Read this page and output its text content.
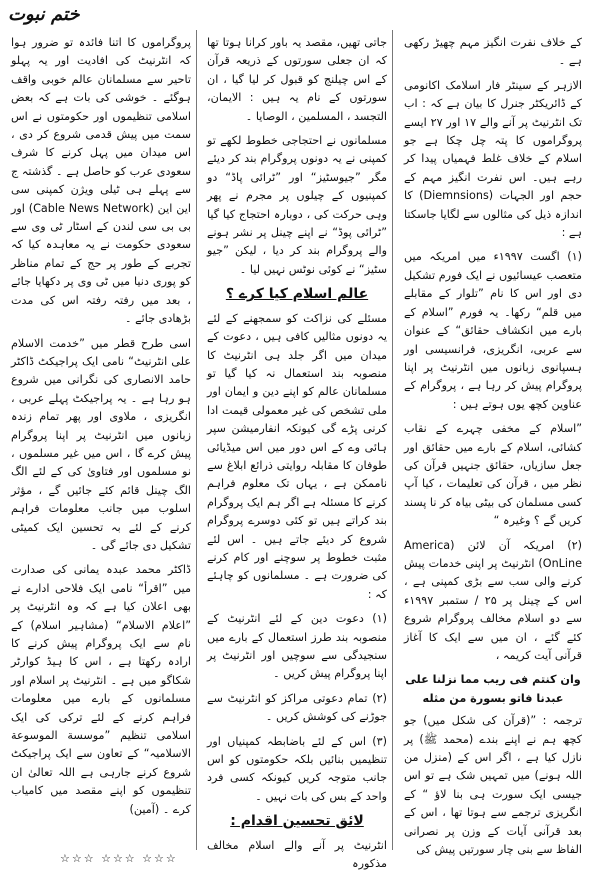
ختم نبوت

کے خلاف نفرت انگیز مہم چھیڑ رکھی ہے ۔

الازہر کے سینٹر فار اسلامک اکانومی کے ڈائریکٹر جنرل کا بیان ہے کہ : اب تک انٹرنیٹ پر آنے والے ۱۷ اور ۲۷ ایسے پروگراموں کا پتہ چل چکا ہے جو اسلام کے خلاف غلط فہمیاں پیدا کر رہے ہیں۔ اس نفرت انگیز مہم کے حجم اور الجہات (Diemnsions) کا اندازہ ذیل کی مثالوں سے لگایا جاسکتا ہے :

(۱) اگست ۱۹۹۷ء میں امریکہ میں متعصب عیسائیوں نے ایک فورم تشکیل دی اور اس کا نام ”تلوار کے مقابلے میں قلم“ رکھا۔ یہ فورم ”اسلام کے بارے میں انکشاف حقائق“ کے عنوان سے عربی، انگریزی، فرانسیسی اور ہسپانوی زبانوں میں انٹرنیٹ پر اپنا پروگرام پیش کر رہا ہے ، پروگرام کے عناوین کچھ یوں ہوتے ہیں :

”اسلام کے مخفی چہرے کے نقاب کشائی، اسلام کے بارے میں حقائق اور جعل سازیاں، حقائق جنہیں قرآن کی نظر میں ، قرآن کی تعلیمات ، کیا آپ کسی مسلمان کی بیٹی بیاہ کر نا پسند کریں گے ؟ وغیرہ “

(۲) امریکہ آن لائن (America OnLine) انٹرنیٹ پر اپنی خدمات پیش کرنے والی سب سے بڑی کمپنی ہے ، اس کے چینل پر ۲۵ / ستمبر ۱۹۹۷ء سے دو اسلام مخالف پروگرام شروع کئے گئے ، ان میں سے ایک کا آغاز قرآنی آیت کریمہ ،

وان کنتم فی ریب مما نزلنا علی عبدنا فاتو بسورة من مثله

ترجمہ : ”(قرآن کی شکل میں) جو کچھ ہم نے اپنے بندے (محمد ﷺ) پر نازل کیا ہے ، اگر اس کے (منزل من اللہ ہونے) میں تمہیں شک ہے تو اس جیسی ایک سورت ہی بنا لاؤ “ کے انگریزی ترجمے سے ہوتا تھا ، اس کے بعد قرآنی آیات کے وزن پر نصرانی الفاظ سے بنی چار سورتیں پیش کی

جاتی تھیں، مقصد یہ باور کرانا ہوتا تھا کہ ان جعلی سورتوں کے ذریعہ قرآن کے اس چیلنج کو قبول کر لیا گیا ، ان سورتوں کے نام یہ ہیں : الایمان، التجسد ، المسلمین ، الوصایا ۔

مسلمانوں نے احتجاجی خطوط لکھے تو کمپنی نے یہ دونوں پروگرام بند کر دیئے مگر ”جیوسٹیز“ اور ”ٹرائی پاڈ“ دو کمپنیوں کے چیلوں پر مجرم نے پھر وہی حرکت کی ، دوبارہ احتجاج کیا گیا ”ٹرائی پوڈ“ نے اپنے چینل پر نشر ہونے والے پروگرام بند کر دیا ، لیکن ”جیو سٹیز“ نے کوئی نوٹس نہیں لیا ۔

عالم اسلام کیا کرے ؟

مسئلے کی نزاکت کو سمجھنے کے لئے یہ دونوں مثالیں کافی ہیں ، دعوت کے میدان میں اگر جلد ہی انٹرنیٹ کا منصوبہ بند استعمال نہ کیا گیا تو مسلمانان عالم کو اپنے دین و ایمان اور ملی تشخص کی غیر معمولی قیمت ادا کرنی پڑے گی کیونکہ انفارمیشن سپر ہائی وے کے اس دور میں اس میڈیائی طوفان کا مقابلہ روایتی ذرائع ابلاغ سے ناممکن ہے ، یہاں تک معلوم فراہم کرنے کا مسئلہ ہے اگر ہم ایک پروگرام بند کراتے ہیں تو کئی دوسرے پروگرام شروع کر دیئے جاتے ہیں ۔ اس لئے مثبت خطوط پر سوچنے اور کام کرنے کی ضرورت ہے ۔ مسلمانوں کو چاہئے کہ :

(۱) دعوت دین کے لئے انٹرنیٹ کے منصوبہ بند طرز استعمال کے بارے میں سنجیدگی سے سوچیں اور انٹرنیٹ پر اپنا پروگرام پیش کریں ۔

(۲) تمام دعوتی مراکز کو انٹرنیٹ سے جوڑنے کی کوشش کریں ۔

(۳) اس کے لئے باضابطہ کمپنیاں اور تنظیمیں بنائیں بلکہ حکومتوں کو اس جانب متوجہ کریں کیونکہ کسی فرد واحد کے بس کی بات نہیں ۔

لائق تحسین اقدام :

انٹرنیٹ پر آنے والے اسلام مخالف مذکورہ

پروگراموں کا اتنا فائدہ تو ضرور ہوا کہ انٹرنیٹ کی افادیت اور یہ پہلو تاحیر سے مسلمانان عالم خوبی واقف ہوگئے ۔ خوشی کی بات ہے کہ بعض اسلامی تنظیموں اور حکومتوں نے اس سمت میں پیش قدمی شروع کر دی ، اس میدان میں پہل کرنے کا شرف سعودی عرب کو حاصل ہے ۔ گذشتہ ج سے پہلے ہی ٹیلی ویژن کمپنی سی این این (Cable News Network) اور بی بی سی لندن کے اسٹار ٹی وی سے سعودی حکومت نے یہ معاہدہ کیا کہ تجربے کے طور پر حج کے تمام مناظر کو پوری دنیا میں ٹی وی پر دکھایا جائے ، بعد میں رفتہ رفتہ اس کی مدت بڑھادی جائے ۔

اسی طرح قطر میں ”خدمت الاسلام علی انٹرنیٹ“ نامی ایک پراجیکٹ ڈاکٹر حامد الانصاری کی نگرانی میں شروع ہو رہا ہے ۔ یہ پراجیکٹ پہلے عربی ، انگریزی ، ملاوی اور پھر تمام زندہ زبانوں میں انٹرنیٹ پر اپنا پروگرام پیش کرے گا ، اس میں غیر مسلموں ، نو مسلموں اور فتاویٰ کی کے لئے الگ الگ چینل قائم کئے جائیں گے ، مؤثر اسلوب میں جانب معلومات فراہم کرنے کے لئے بہ تحسین ایک کمیٹی تشکیل دی جائے گی ۔

ڈاکٹر محمد عبدہ یمانی کی صدارت میں ”اقرأ“ نامی ایک فلاحی ادارے نے بھی اعلان کیا ہے کہ وہ انٹرنیٹ پر ”اعلام الاسلام“ (مشاہیر اسلام) کے نام سے ایک پروگرام پیش کرنے کا ارادہ رکھتا ہے ، اس کا ہیڈ کوارٹر شکاگو میں ہے ۔ انٹرنیٹ پر اسلام اور مسلمانوں کے بارے میں معلومات فراہم کرنے کے لئے ترکی کی ایک اسلامی تنظیم ”موسسة الموسوعة الاسلامیہ“ کے تعاون سے ایک پراجیکٹ شروع کرنے جارہی ہے اللہ تعالیٰ ان تنظیموں کو اپنے مقصد میں کامیاب کرے ۔ (آمین)

☆☆☆ ☆☆☆ ☆☆☆
